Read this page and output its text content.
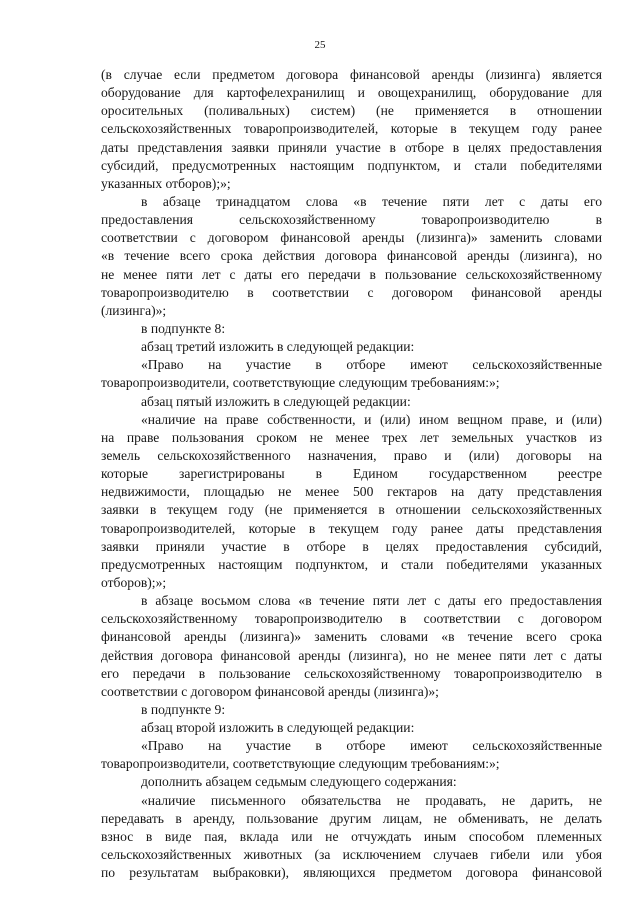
25
(в случае если предметом договора финансовой аренды (лизинга) является
оборудование для картофелехранилищ и овощехранилищ, оборудование для
оросительных (поливальных) систем) (не применяется в отношении
сельскохозяйственных товаропроизводителей, которые в текущем году ранее
даты представления заявки приняли участие в отборе в целях предоставления
субсидий, предусмотренных настоящим подпунктом, и стали победителями
указанных отборов);»;
в абзаце тринадцатом слова «в течение пяти лет с даты его
предоставления сельскохозяйственному товаропроизводителю в
соответствии с договором финансовой аренды (лизинга)» заменить словами
«в течение всего срока действия договора финансовой аренды (лизинга), но
не менее пяти лет с даты его передачи в пользование сельскохозяйственному
товаропроизводителю в соответствии с договором финансовой аренды
(лизинга)»;
в подпункте 8:
абзац третий изложить в следующей редакции:
«Право на участие в отборе имеют сельскохозяйственные
товаропроизводители, соответствующие следующим требованиям:»;
абзац пятый изложить в следующей редакции:
«наличие на праве собственности, и (или) ином вещном праве, и (или)
на праве пользования сроком не менее трех лет земельных участков из
земель сельскохозяйственного назначения, право и (или) договоры на
которые зарегистрированы в Едином государственном реестре
недвижимости, площадью не менее 500 гектаров на дату представления
заявки в текущем году (не применяется в отношении сельскохозяйственных
товаропроизводителей, которые в текущем году ранее даты представления
заявки приняли участие в отборе в целях предоставления субсидий,
предусмотренных настоящим подпунктом, и стали победителями указанных
отборов);»;
в абзаце восьмом слова «в течение пяти лет с даты его предоставления
сельскохозяйственному товаропроизводителю в соответствии с договором
финансовой аренды (лизинга)» заменить словами «в течение всего срока
действия договора финансовой аренды (лизинга), но не менее пяти лет с даты
его передачи в пользование сельскохозяйственному товаропроизводителю в
соответствии с договором финансовой аренды (лизинга)»;
в подпункте 9:
абзац второй изложить в следующей редакции:
«Право на участие в отборе имеют сельскохозяйственные
товаропроизводители, соответствующие следующим требованиям:»;
дополнить абзацем седьмым следующего содержания:
«наличие письменного обязательства не продавать, не дарить, не
передавать в аренду, пользование другим лицам, не обменивать, не делать
взнос в виде пая, вклада или не отчуждать иным способом племенных
сельскохозяйственных животных (за исключением случаев гибели или убоя
по результатам выбраковки), являющихся предметом договора финансовой
